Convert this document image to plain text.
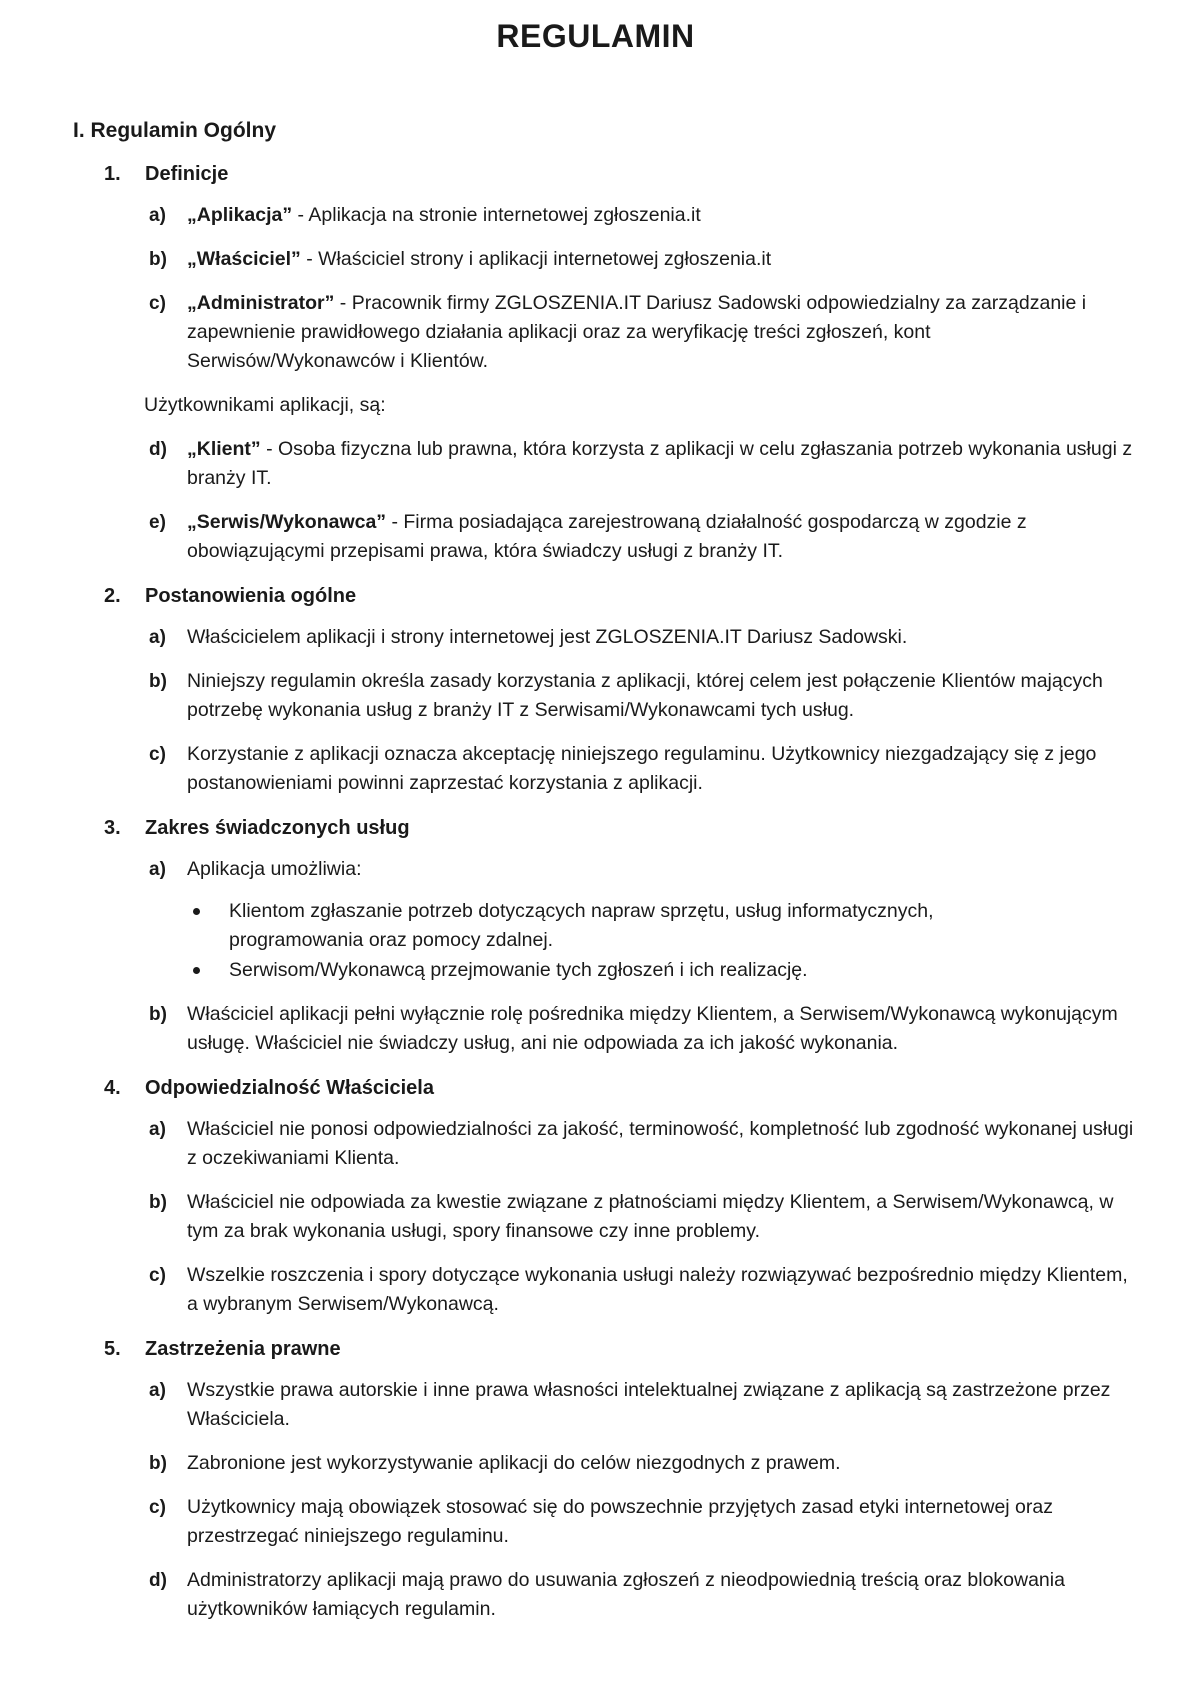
REGULAMIN
I. Regulamin Ogólny
1.	Definicje
a) „Aplikacja” - Aplikacja na stronie internetowej zgłoszenia.it
b) „Właściciel” - Właściciel strony i aplikacji internetowej zgłoszenia.it
c) „Administrator” - Pracownik firmy ZGLOSZENIA.IT Dariusz Sadowski odpowiedzialny za zarządzanie i zapewnienie prawidłowego działania aplikacji oraz za weryfikację treści zgłoszeń, kont Serwisów/Wykonawców i Klientów.
Użytkownikami aplikacji, są:
d) „Klient” - Osoba fizyczna lub prawna, która korzysta z aplikacji w celu zgłaszania potrzeb wykonania usługi z branży IT.
e) „Serwis/Wykonawca” - Firma posiadająca zarejestrowaną działalność gospodarczą w zgodzie z obowiązującymi przepisami prawa, która świadczy usługi z branży IT.
2.	Postanowienia ogólne
a) Właścicielem aplikacji i strony internetowej jest ZGLOSZENIA.IT Dariusz Sadowski.
b) Niniejszy regulamin określa zasady korzystania z aplikacji, której celem jest połączenie Klientów mających potrzebę wykonania usług z branży IT z Serwisami/Wykonawcami tych usług.
c) Korzystanie z aplikacji oznacza akceptację niniejszego regulaminu. Użytkownicy niezgadzający się z jego postanowieniami powinni zaprzestać korzystania z aplikacji.
3.	Zakres świadczonych usług
a) Aplikacja umożliwia:
Klientom zgłaszanie potrzeb dotyczących napraw sprzętu, usług informatycznych, programowania oraz pomocy zdalnej.
Serwisom/Wykonawcą przejmowanie tych zgłoszeń i ich realizację.
b) Właściciel aplikacji pełni wyłącznie rolę pośrednika między Klientem, a Serwisem/Wykonawcą wykonującym usługę. Właściciel nie świadczy usług, ani nie odpowiada za ich jakość wykonania.
4.	Odpowiedzialność Właściciela
a) Właściciel nie ponosi odpowiedzialności za jakość, terminowość, kompletność lub zgodność wykonanej usługi z oczekiwaniami Klienta.
b) Właściciel nie odpowiada za kwestie związane z płatnościami między Klientem, a Serwisem/Wykonawcą, w tym za brak wykonania usługi, spory finansowe czy inne problemy.
c) Wszelkie roszczenia i spory dotyczące wykonania usługi należy rozwiązywać bezpośrednio między Klientem, a wybranym Serwisem/Wykonawcą.
5.	Zastrzeżenia prawne
a) Wszystkie prawa autorskie i inne prawa własności intelektualnej związane z aplikacją są zastrzeżone przez Właściciela.
b) Zabronione jest wykorzystywanie aplikacji do celów niezgodnych z prawem.
c) Użytkownicy mają obowiązek stosować się do powszechnie przyjętych zasad etyki internetowej oraz przestrzegać niniejszego regulaminu.
d) Administratorzy aplikacji mają prawo do usuwania zgłoszeń z nieodpowiednią treścią oraz blokowania użytkowników łamiących regulamin.
